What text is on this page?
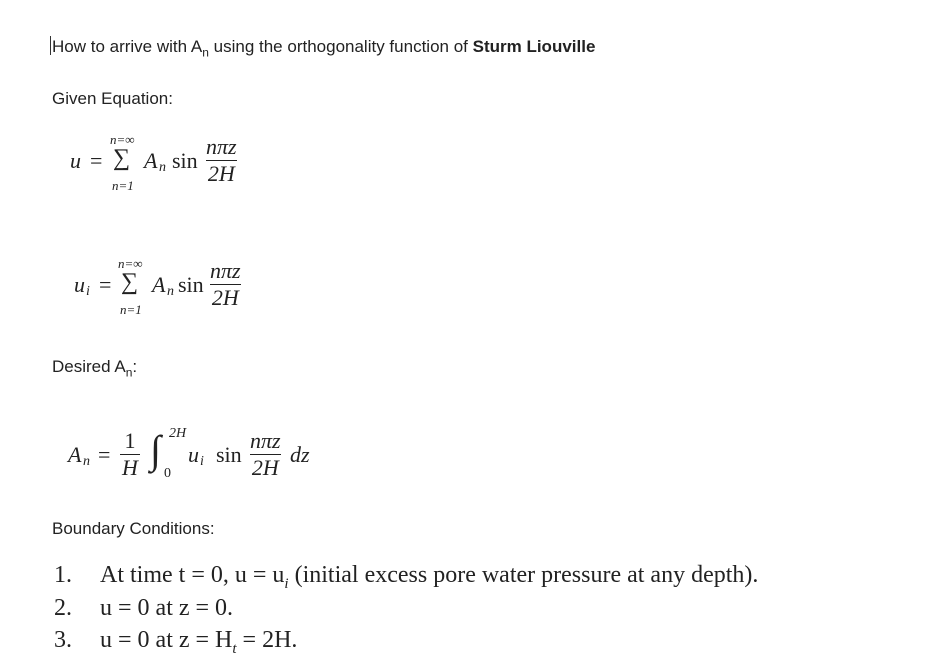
How to arrive with $A_n$ using the orthogonality function of Sturm Liouville
Given Equation:
u =
n=∞
∑
n=1
A n sin
nπz
2H
u i =
n=∞
∑
n=1
A n sin
nπz
2H
Desired $A_n$:
A $n = \frac{1}{H}$ ∫ 2H
0
u i sin
nπz
2H
dz
Boundary Conditions:
1. At time t = 0, $u = u_i$ (initial excess pore water pressure at any depth).
2. u = 0 at z = 0.
3. u = 0 at $z = H_t = 2H$.
